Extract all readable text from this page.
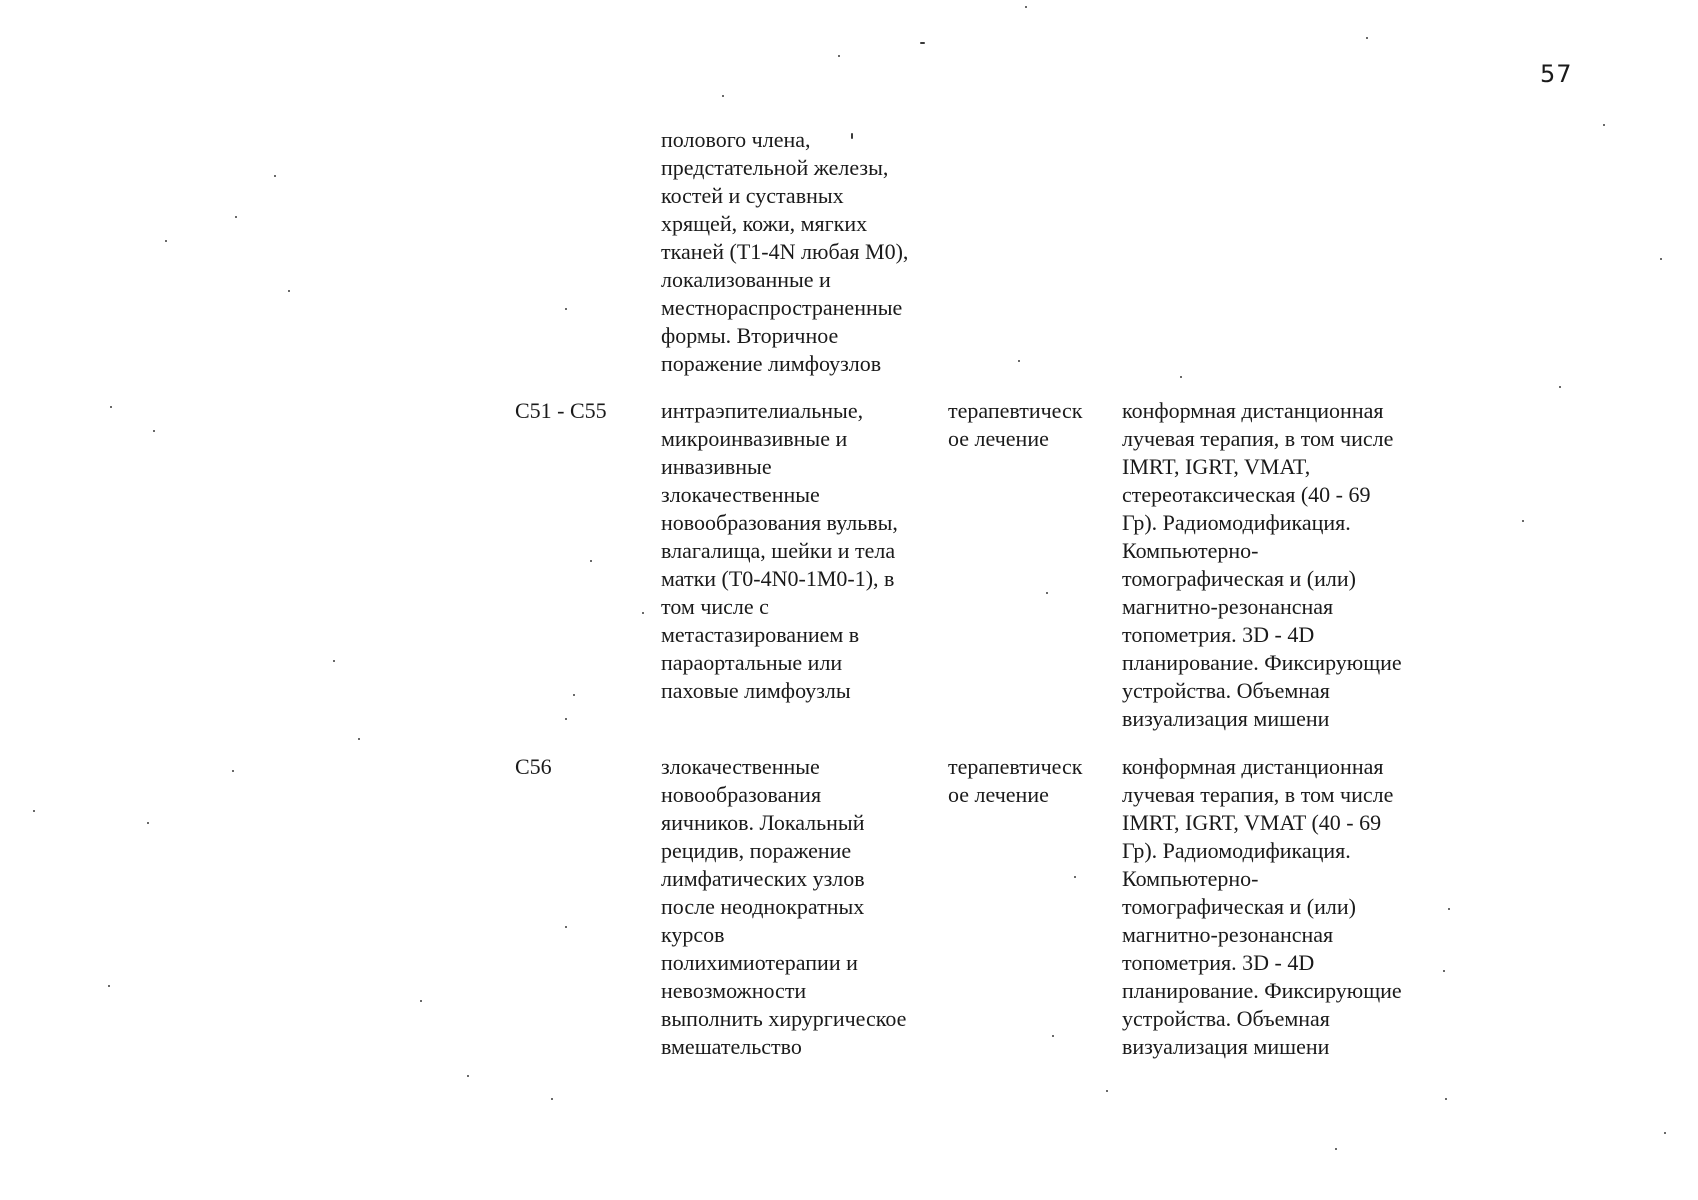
57
полового члена,
предстательной железы,
костей и суставных
хрящей, кожи, мягких
тканей (T1-4N любая M0),
локализованные и
местнораспространенные
формы. Вторичное
поражение лимфоузлов
C51 - C55 интраэпителиальные,
микроинвазивные и
инвазивные
злокачественные
новообразования вульвы,
влагалища, шейки и тела
матки (T0-4N0-1M0-1), в
том числе с
метастазированием в
параортальные или
паховые лимфоузлы
терапевтическ
ое лечение
конформная дистанционная
лучевая терапия, в том числе
IMRT, IGRT, VMAT,
стереотаксическая (40 - 69
Гр). Радиомодификация.
Компьютерно-
томографическая и (или)
магнитно-резонансная
топометрия. 3D - 4D
планирование. Фиксирующие
устройства. Объемная
визуализация мишени
C56	злокачественные
новообразования
яичников. Локальный
рецидив, поражение
лимфатических узлов
после неоднократных
курсов
полихимиотерапии и
невозможности
выполнить хирургическое
вмешательство
терапевтическ
ое лечение
конформная дистанционная
лучевая терапия, в том числе
IMRT, IGRT, VMAT (40 - 69
Гр). Радиомодификация.
Компьютерно-
томографическая и (или)
магнитно-резонансная
топометрия. 3D - 4D
планирование. Фиксирующие
устройства. Объемная
визуализация мишени
